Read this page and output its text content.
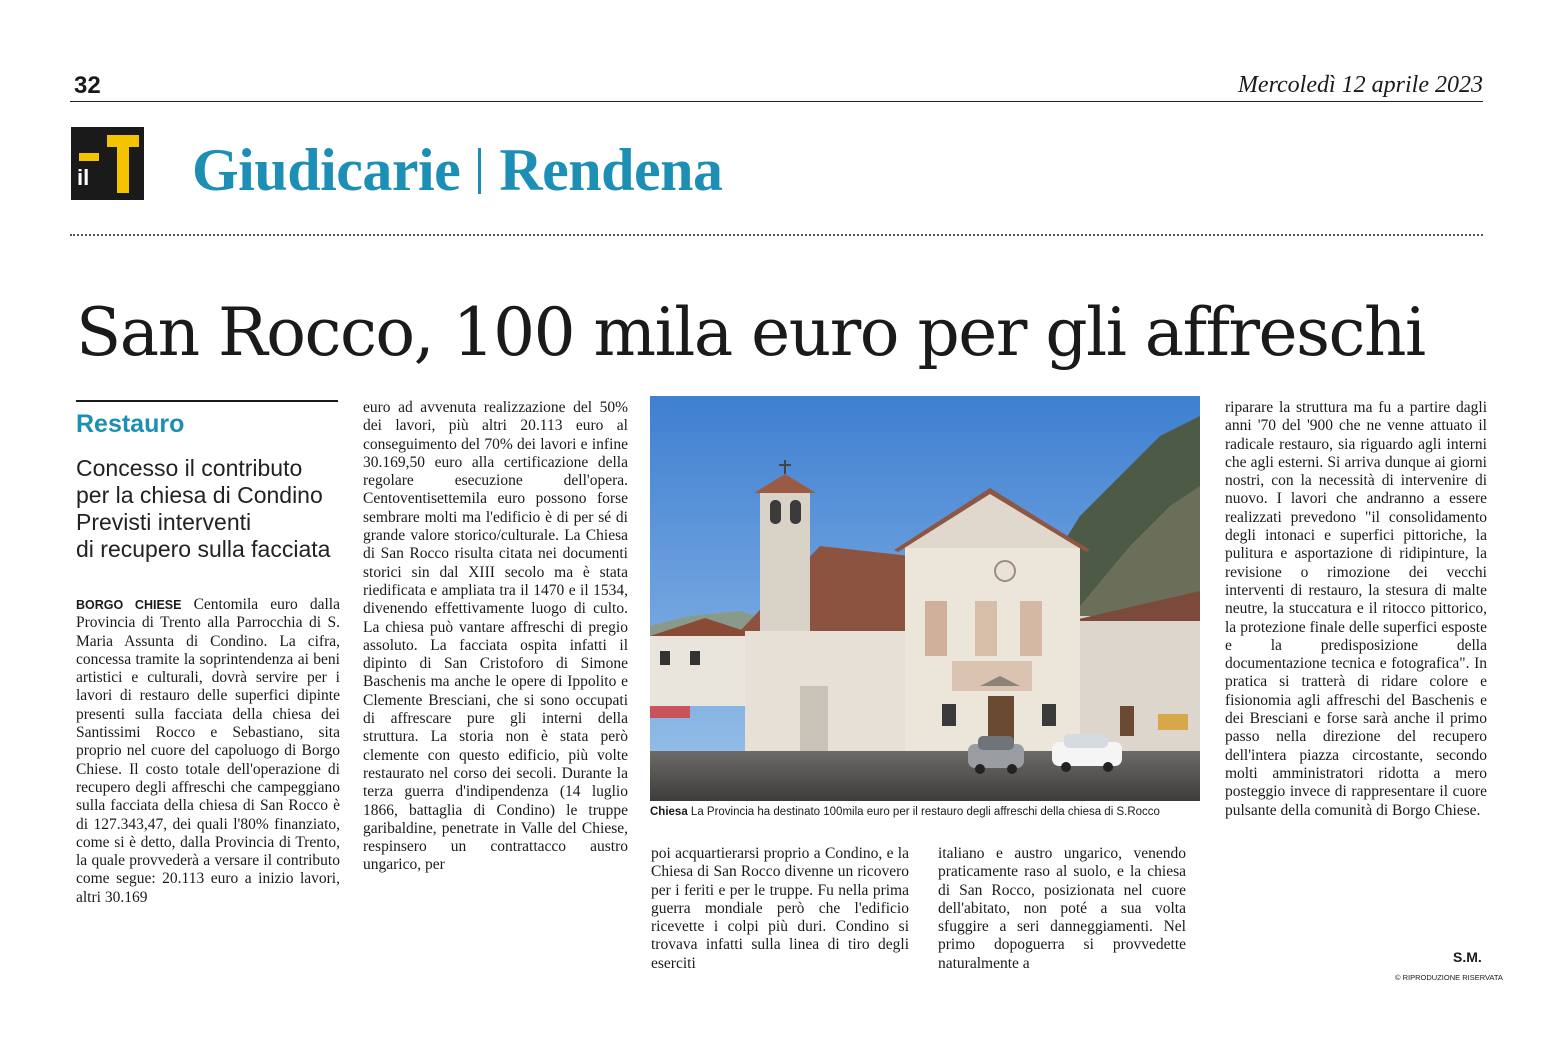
32	Mercoledì 12 aprile 2023
il Giudicarie Rendena
San Rocco, 100 mila euro per gli affreschi
Restauro
Concesso il contributo
per la chiesa di Condino
Previsti interventi
di recupero sulla facciata
BORGO CHIESE Centomila euro dalla Provincia di Trento alla Parrocchia di S. Maria Assunta di Condino. La cifra, concessa tramite la soprintendenza ai beni artistici e culturali, dovrà servire per i lavori di restauro delle superfici dipinte presenti sulla facciata della chiesa dei Santissimi Rocco e Sebastiano, sita proprio nel cuore del capoluogo di Borgo Chiese. Il costo totale dell'operazione di recupero degli affreschi che campeggiano sulla facciata della chiesa di San Rocco è di 127.343,47, dei quali l'80% finanziato, come si è detto, dalla Provincia di Trento, la quale provvederà a versare il contributo come segue: 20.113 euro a inizio lavori, altri 30.169
euro ad avvenuta realizzazione del 50% dei lavori, più altri 20.113 euro al conseguimento del 70% dei lavori e infine 30.169,50 euro alla certificazione della regolare esecuzione dell'opera. Centoventisettemila euro possono forse sembrare molti ma l'edificio è di per sé di grande valore storico/culturale. La Chiesa di San Rocco risulta citata nei documenti storici sin dal XIII secolo ma è stata riedificata e ampliata tra il 1470 e il 1534, divenendo effettivamente luogo di culto. La chiesa può vantare affreschi di pregio assoluto. La facciata ospita infatti il dipinto di San Cristoforo di Simone Baschenis ma anche le opere di Ippolito e Clemente Bresciani, che si sono occupati di affrescare pure gli interni della struttura. La storia non è stata però clemente con questo edificio, più volte restaurato nel corso dei secoli. Durante la terza guerra d'indipendenza (14 luglio 1866, battaglia di Condino) le truppe garibaldine, penetrate in Valle del Chiese, respinsero un contrattacco austro ungarico, per
poi acquartierarsi proprio a Condino, e la Chiesa di San Rocco divenne un ricovero per i feriti e per le truppe. Fu nella prima guerra mondiale però che l'edificio ricevette i colpi più duri. Condino si trovava infatti sulla linea di tiro degli eserciti
italiano e austro ungarico, venendo praticamente raso al suolo, e la chiesa di San Rocco, posizionata nel cuore dell'abitato, non poté a sua volta sfuggire a seri danneggiamenti. Nel primo dopoguerra si provvedette naturalmente a
riparare la struttura ma fu a partire dagli anni '70 del '900 che ne venne attuato il radicale restauro, sia riguardo agli interni che agli esterni. Si arriva dunque ai giorni nostri, con la necessità di intervenire di nuovo. I lavori che andranno a essere realizzati prevedono "il consolidamento degli intonaci e superfici pittoriche, la pulitura e asportazione di ridipinture, la revisione o rimozione dei vecchi interventi di restauro, la stesura di malte neutre, la stuccatura e il ritocco pittorico, la protezione finale delle superfici esposte e la predisposizione della documentazione tecnica e fotografica". In pratica si tratterà di ridare colore e fisionomia agli affreschi del Baschenis e dei Bresciani e forse sarà anche il primo passo nella direzione del recupero dell'intera piazza circostante, secondo molti amministratori ridotta a mero posteggio invece di rappresentare il cuore pulsante della comunità di Borgo Chiese.
Chiesa La Provincia ha destinato 100mila euro per il restauro degli affreschi della chiesa di S.Rocco
S.M.
© RIPRODUZIONE RISERVATA
